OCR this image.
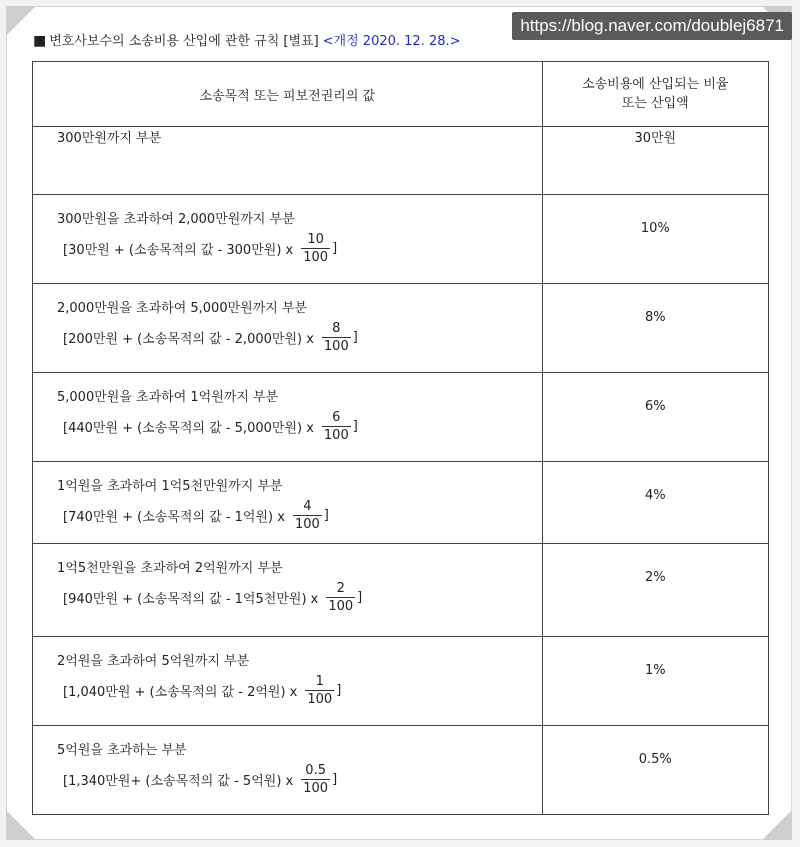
https://blog.naver.com/doublej6871
■ 변호사보수의 소송비용 산입에 관한 규칙 [별표] <개정 2020. 12. 28.>
소송목적 또는 피보전권리의 값	소송비용에 산입되는 비율
또는 산입액
300만원까지 부분	30만원

300만원을 초과하여 2,000만원까지 부분
[30만원 + (소송목적의 값 - 300만원) x $\frac{10}{100}$ ]	10%

2,000만원을 초과하여 5,000만원까지 부분
[200만원 + (소송목적의 값 - 2,000만원) x $\frac{8}{100}$ ]	8%

5,000만원을 초과하여 1억원까지 부분
[440만원 + (소송목적의 값 - 5,000만원) x $\frac{6}{100}$ ]	6%

1억원을 초과하여 1억5천만원까지 부분
[740만원 + (소송목적의 값 - 1억원) x $\frac{4}{100}$ ]	4%

1억5천만원을 초과하여 2억원까지 부분
[940만원 + (소송목적의 값 - 1억5천만원) x $\frac{2}{100}$ ]	2%

2억원을 초과하여 5억원까지 부분
[1,040만원 + (소송목적의 값 - 2억원) x $\frac{1}{100}$ ]	1%

5억원을 초과하는 부분
[1,340만원+ (소송목적의 값 - 5억원) x $\frac{0.5}{100}$ ]	0.5%
